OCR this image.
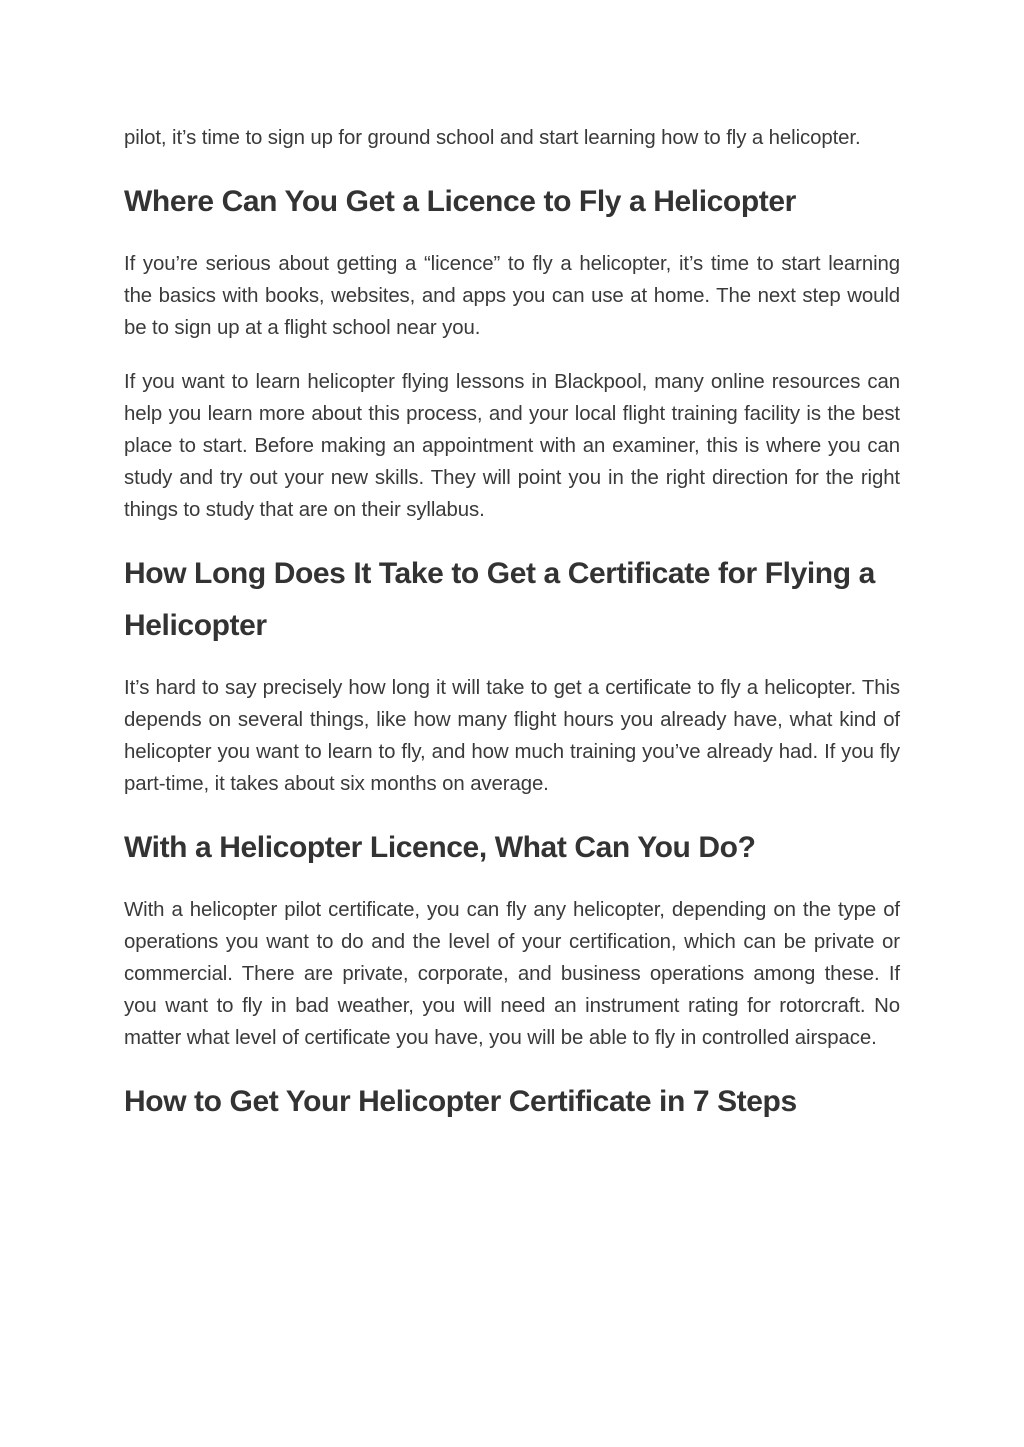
pilot, it’s time to sign up for ground school and start learning how to fly a helicopter.

Where Can You Get a Licence to Fly a Helicopter

If you’re serious about getting a “licence” to fly a helicopter, it’s time to start learning the basics with books, websites, and apps you can use at home. The next step would be to sign up at a flight school near you.

If you want to learn helicopter flying lessons in Blackpool, many online resources can help you learn more about this process, and your local flight training facility is the best place to start. Before making an appointment with an examiner, this is where you can study and try out your new skills. They will point you in the right direction for the right things to study that are on their syllabus.

How Long Does It Take to Get a Certificate for Flying a Helicopter

It’s hard to say precisely how long it will take to get a certificate to fly a helicopter. This depends on several things, like how many flight hours you already have, what kind of helicopter you want to learn to fly, and how much training you’ve already had. If you fly part-time, it takes about six months on average.

With a Helicopter Licence, What Can You Do?

With a helicopter pilot certificate, you can fly any helicopter, depending on the type of operations you want to do and the level of your certification, which can be private or commercial. There are private, corporate, and business operations among these. If you want to fly in bad weather, you will need an instrument rating for rotorcraft. No matter what level of certificate you have, you will be able to fly in controlled airspace.

How to Get Your Helicopter Certificate in 7 Steps
